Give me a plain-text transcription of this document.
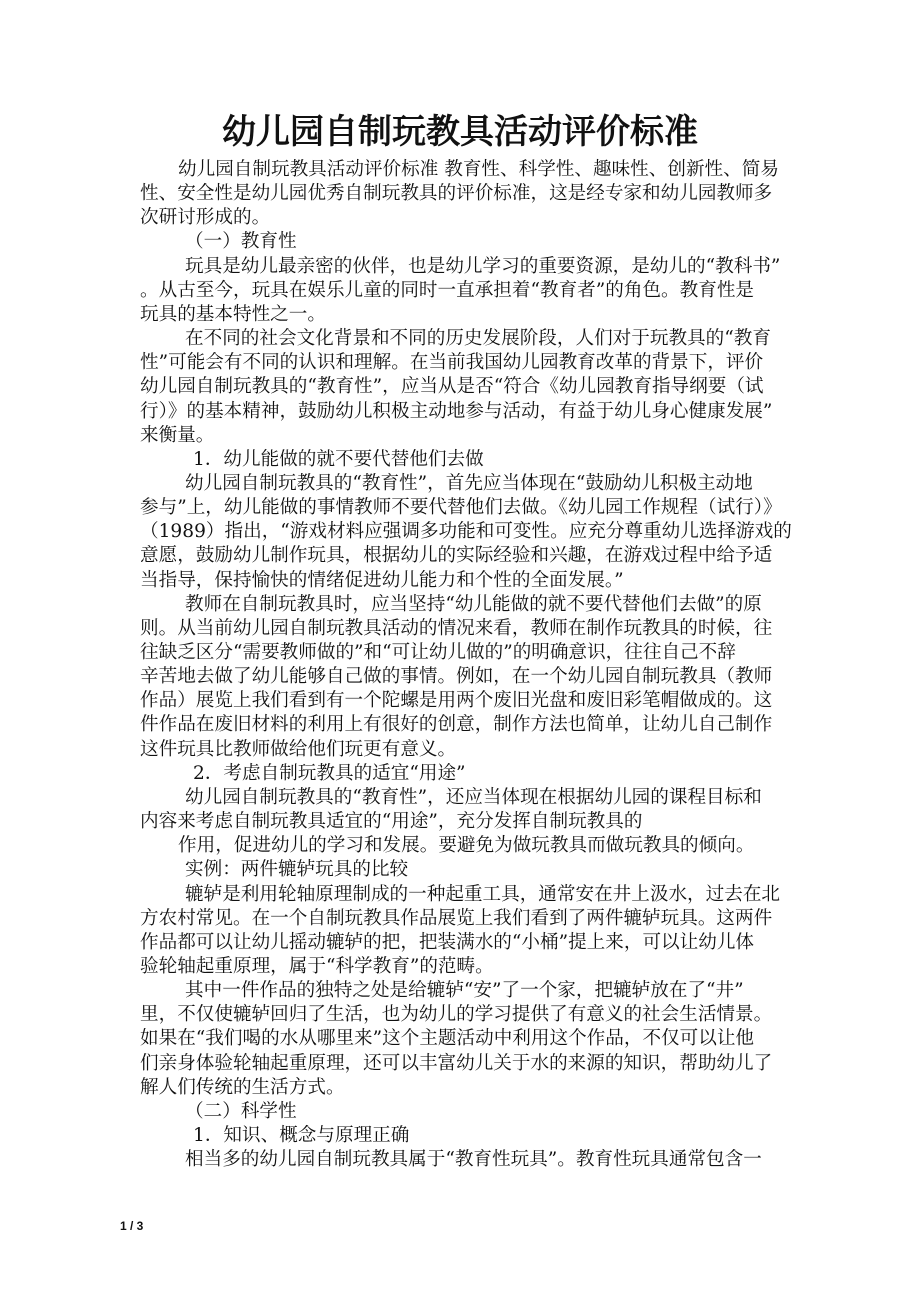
幼儿园自制玩教具活动评价标准
幼儿园自制玩教具活动评价标准 教育性、科学性、趣味性、创新性、简易
性、安全性是幼儿园优秀自制玩教具的评价标准，这是经专家和幼儿园教师多
次研讨形成的。
（一）教育性
玩具是幼儿最亲密的伙伴，也是幼儿学习的重要资源，是幼儿的“教科书”
。从古至今，玩具在娱乐儿童的同时一直承担着“教育者”的角色。教育性是
玩具的基本特性之一。
在不同的社会文化背景和不同的历史发展阶段，人们对于玩教具的“教育
性”可能会有不同的认识和理解。在当前我国幼儿园教育改革的背景下，评价
幼儿园自制玩教具的“教育性”，应当从是否“符合《幼儿园教育指导纲要（试
行）》的基本精神，鼓励幼儿积极主动地参与活动，有益于幼儿身心健康发展”
来衡量。
1．幼儿能做的就不要代替他们去做
幼儿园自制玩教具的“教育性”，首先应当体现在“鼓励幼儿积极主动地
参与”上，幼儿能做的事情教师不要代替他们去做。《幼儿园工作规程（试行）》
（1989）指出，“游戏材料应强调多功能和可变性。应充分尊重幼儿选择游戏的
意愿，鼓励幼儿制作玩具，根据幼儿的实际经验和兴趣，在游戏过程中给予适
当指导，保持愉快的情绪促进幼儿能力和个性的全面发展。”
教师在自制玩教具时，应当坚持“幼儿能做的就不要代替他们去做”的原
则。从当前幼儿园自制玩教具活动的情况来看，教师在制作玩教具的时候，往
往缺乏区分“需要教师做的”和“可让幼儿做的”的明确意识，往往自己不辞
辛苦地去做了幼儿能够自己做的事情。例如，在一个幼儿园自制玩教具（教师
作品）展览上我们看到有一个陀螺是用两个废旧光盘和废旧彩笔帽做成的。这
件作品在废旧材料的利用上有很好的创意，制作方法也简单，让幼儿自己制作
这件玩具比教师做给他们玩更有意义。
2．考虑自制玩教具的适宜“用途”
幼儿园自制玩教具的“教育性”，还应当体现在根据幼儿园的课程目标和
内容来考虑自制玩教具适宜的“用途”，充分发挥自制玩教具的
作用，促进幼儿的学习和发展。要避免为做玩教具而做玩教具的倾向。
实例：两件辘轳玩具的比较
辘轳是利用轮轴原理制成的一种起重工具，通常安在井上汲水，过去在北
方农村常见。在一个自制玩教具作品展览上我们看到了两件辘轳玩具。这两件
作品都可以让幼儿摇动辘轳的把，把装满水的“小桶”提上来，可以让幼儿体
验轮轴起重原理，属于“科学教育”的范畴。
其中一件作品的独特之处是给辘轳“安”了一个家，把辘轳放在了“井”
里，不仅使辘轳回归了生活，也为幼儿的学习提供了有意义的社会生活情景。
如果在“我们喝的水从哪里来”这个主题活动中利用这个作品，不仅可以让他
们亲身体验轮轴起重原理，还可以丰富幼儿关于水的来源的知识，帮助幼儿了
解人们传统的生活方式。
（二）科学性
1．知识、概念与原理正确
相当多的幼儿园自制玩教具属于“教育性玩具”。教育性玩具通常包含一
1 / 3
